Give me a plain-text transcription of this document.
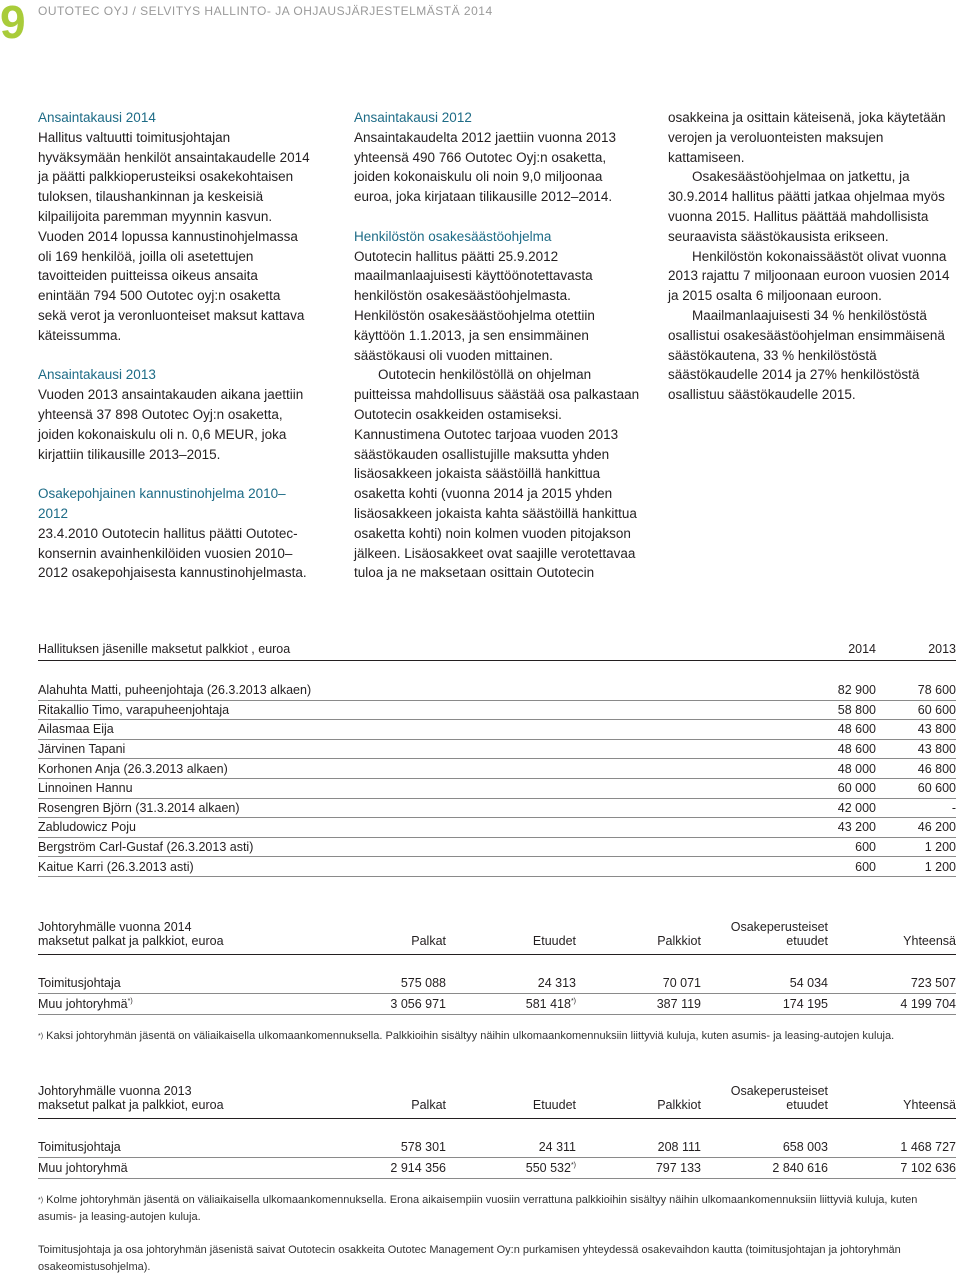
9	OUTOTEC OYJ / SELVITYS HALLINTO- JA OHJAUSJÄRJESTELMÄSTÄ 2014

Ansaintakausi 2014

Hallitus valtuutti toimitusjohtajan hyväksymään henkilöt ansaintakaudelle 2014 ja päätti palkkioperusteiksi osakekohtaisen tuloksen, tilaushankinnan ja keskeisiä kilpailijoita paremman myynnin kasvun. Vuoden 2014 lopussa kannustinohjelmassa oli 169 henkilöä, joilla oli asetettujen tavoitteiden puitteissa oikeus ansaita enintään 794 500 Outotec oyj:n osaketta sekä verot ja veronluonteiset maksut kattava käteissumma.

Ansaintakausi 2013

Vuoden 2013 ansaintakauden aikana jaettiin yhteensä 37 898 Outotec Oyj:n osaketta, joiden kokonaiskulu oli n. 0,6 MEUR, joka kirjattiin tilikausille 2013–2015.

Osakepohjainen kannustinohjelma 2010–2012

23.4.2010 Outotecin hallitus päätti Outotec-konsernin avainhenkilöiden vuosien 2010–2012 osakepohjaisesta kannustinohjelmasta.

Ansaintakausi 2012

Ansaintakaudelta 2012 jaettiin vuonna 2013 yhteensä 490 766 Outotec Oyj:n osaketta, joiden kokonaiskulu oli noin 9,0 miljoonaa euroa, joka kirjataan tilikausille 2012–2014.

Henkilöstön osakesäästöohjelma

Outotecin hallitus päätti 25.9.2012 maailmanlaajuisesti käyttöönotettavasta henkilöstön osakesäästöohjelmasta. Henkilöstön osakesäästöohjelma otettiin käyttöön 1.1.2013, ja sen ensimmäinen säästökausi oli vuoden mittainen.

Outotecin henkilöstöllä on ohjelman puitteissa mahdollisuus säästää osa palkastaan Outotecin osakkeiden ostamiseksi. Kannustimena Outotec tarjoaa vuoden 2013 säästökauden osallistujille maksutta yhden lisäosakkeen jokaista säästöillä hankittua osaketta kohti (vuonna 2014 ja 2015 yhden lisäosakkeen jokaista kahta säästöillä hankittua osaketta kohti) noin kolmen vuoden pitojakson jälkeen. Lisäosakkeet ovat saajille verotettavaa tuloa ja ne maksetaan osittain Outotecin

osakkeina ja osittain käteisenä, joka käytetään verojen ja veroluonteisten maksujen kattamiseen.

Osakesäästöohjelmaa on jatkettu, ja 30.9.2014 hallitus päätti jatkaa ohjelmaa myös vuonna 2015. Hallitus päättää mahdollisista seuraavista säästökausista erikseen.

Henkilöstön kokonaissäästöt olivat vuonna 2013 rajattu 7 miljoonaan euroon vuosien 2014 ja 2015 osalta 6 miljoonaan euroon.

Maailmanlaajuisesti 34 % henkilöstöstä osallistui osakesäästöohjelman ensimmäisenä säästökautena, 33 % henkilöstöstä säästökaudelle 2014 ja 27% henkilöstöstä osallistuu säästökaudelle 2015.

Hallituksen jäsenille maksetut palkkiot , euroa	2014	2013

Alahuhta Matti, puheenjohtaja (26.3.2013 alkaen)	82 900	78 600
Ritakallio Timo, varapuheenjohtaja	58 800	60 600
Ailasmaa Eija	48 600	43 800
Järvinen Tapani	48 600	43 800
Korhonen Anja (26.3.2013 alkaen)	48 000	46 800
Linnoinen Hannu	60 000	60 600
Rosengren Björn (31.3.2014 alkaen)	42 000	-
Zabludowicz Poju	43 200	46 200
Bergström Carl-Gustaf (26.3.2013 asti)	600	1 200
Kaitue Karri (26.3.2013 asti)	600	1 200
Johtoryhmälle vuonna 2014				Osakeperusteiset	
maksetut palkat ja palkkiot, euroa	Palkat	Etuudet	Palkkiot	etuudet	Yhteensä

Toimitusjohtaja	575 088	24 313	70 071	54 034	723 507
Muu johtoryhmä*)	3 056 971	581 418*)	387 119	174 195	4 199 704
*) Kaksi johtoryhmän jäsentä on väliaikaisella ulkomaankomennuksella. Palkkioihin sisältyy näihin ulkomaankomennuksiin liittyviä kuluja, kuten asumis- ja leasing-autojen kuluja.
Johtoryhmälle vuonna 2013				Osakeperusteiset	
maksetut palkat ja palkkiot, euroa	Palkat	Etuudet	Palkkiot	etuudet	Yhteensä

Toimitusjohtaja	578 301	24 311	208 111	658 003	1 468 727
Muu johtoryhmä	2 914 356	550 532*)	797 133	2 840 616	7 102 636
*) Kolme johtoryhmän jäsentä on väliaikaisella ulkomaankomennuksella. Erona aikaisempiin vuosiin verrattuna palkkioihin sisältyy näihin ulkomaankomennuksiin liittyviä kuluja, kuten asumis- ja leasing-autojen kuluja.
Toimitusjohtaja ja osa johtoryhmän jäsenistä saivat Outotecin osakkeita Outotec Management Oy:n purkamisen yhteydessä osakevaihdon kautta (toimitusjohtajan ja johtoryhmän osakeomistusohjelma).
